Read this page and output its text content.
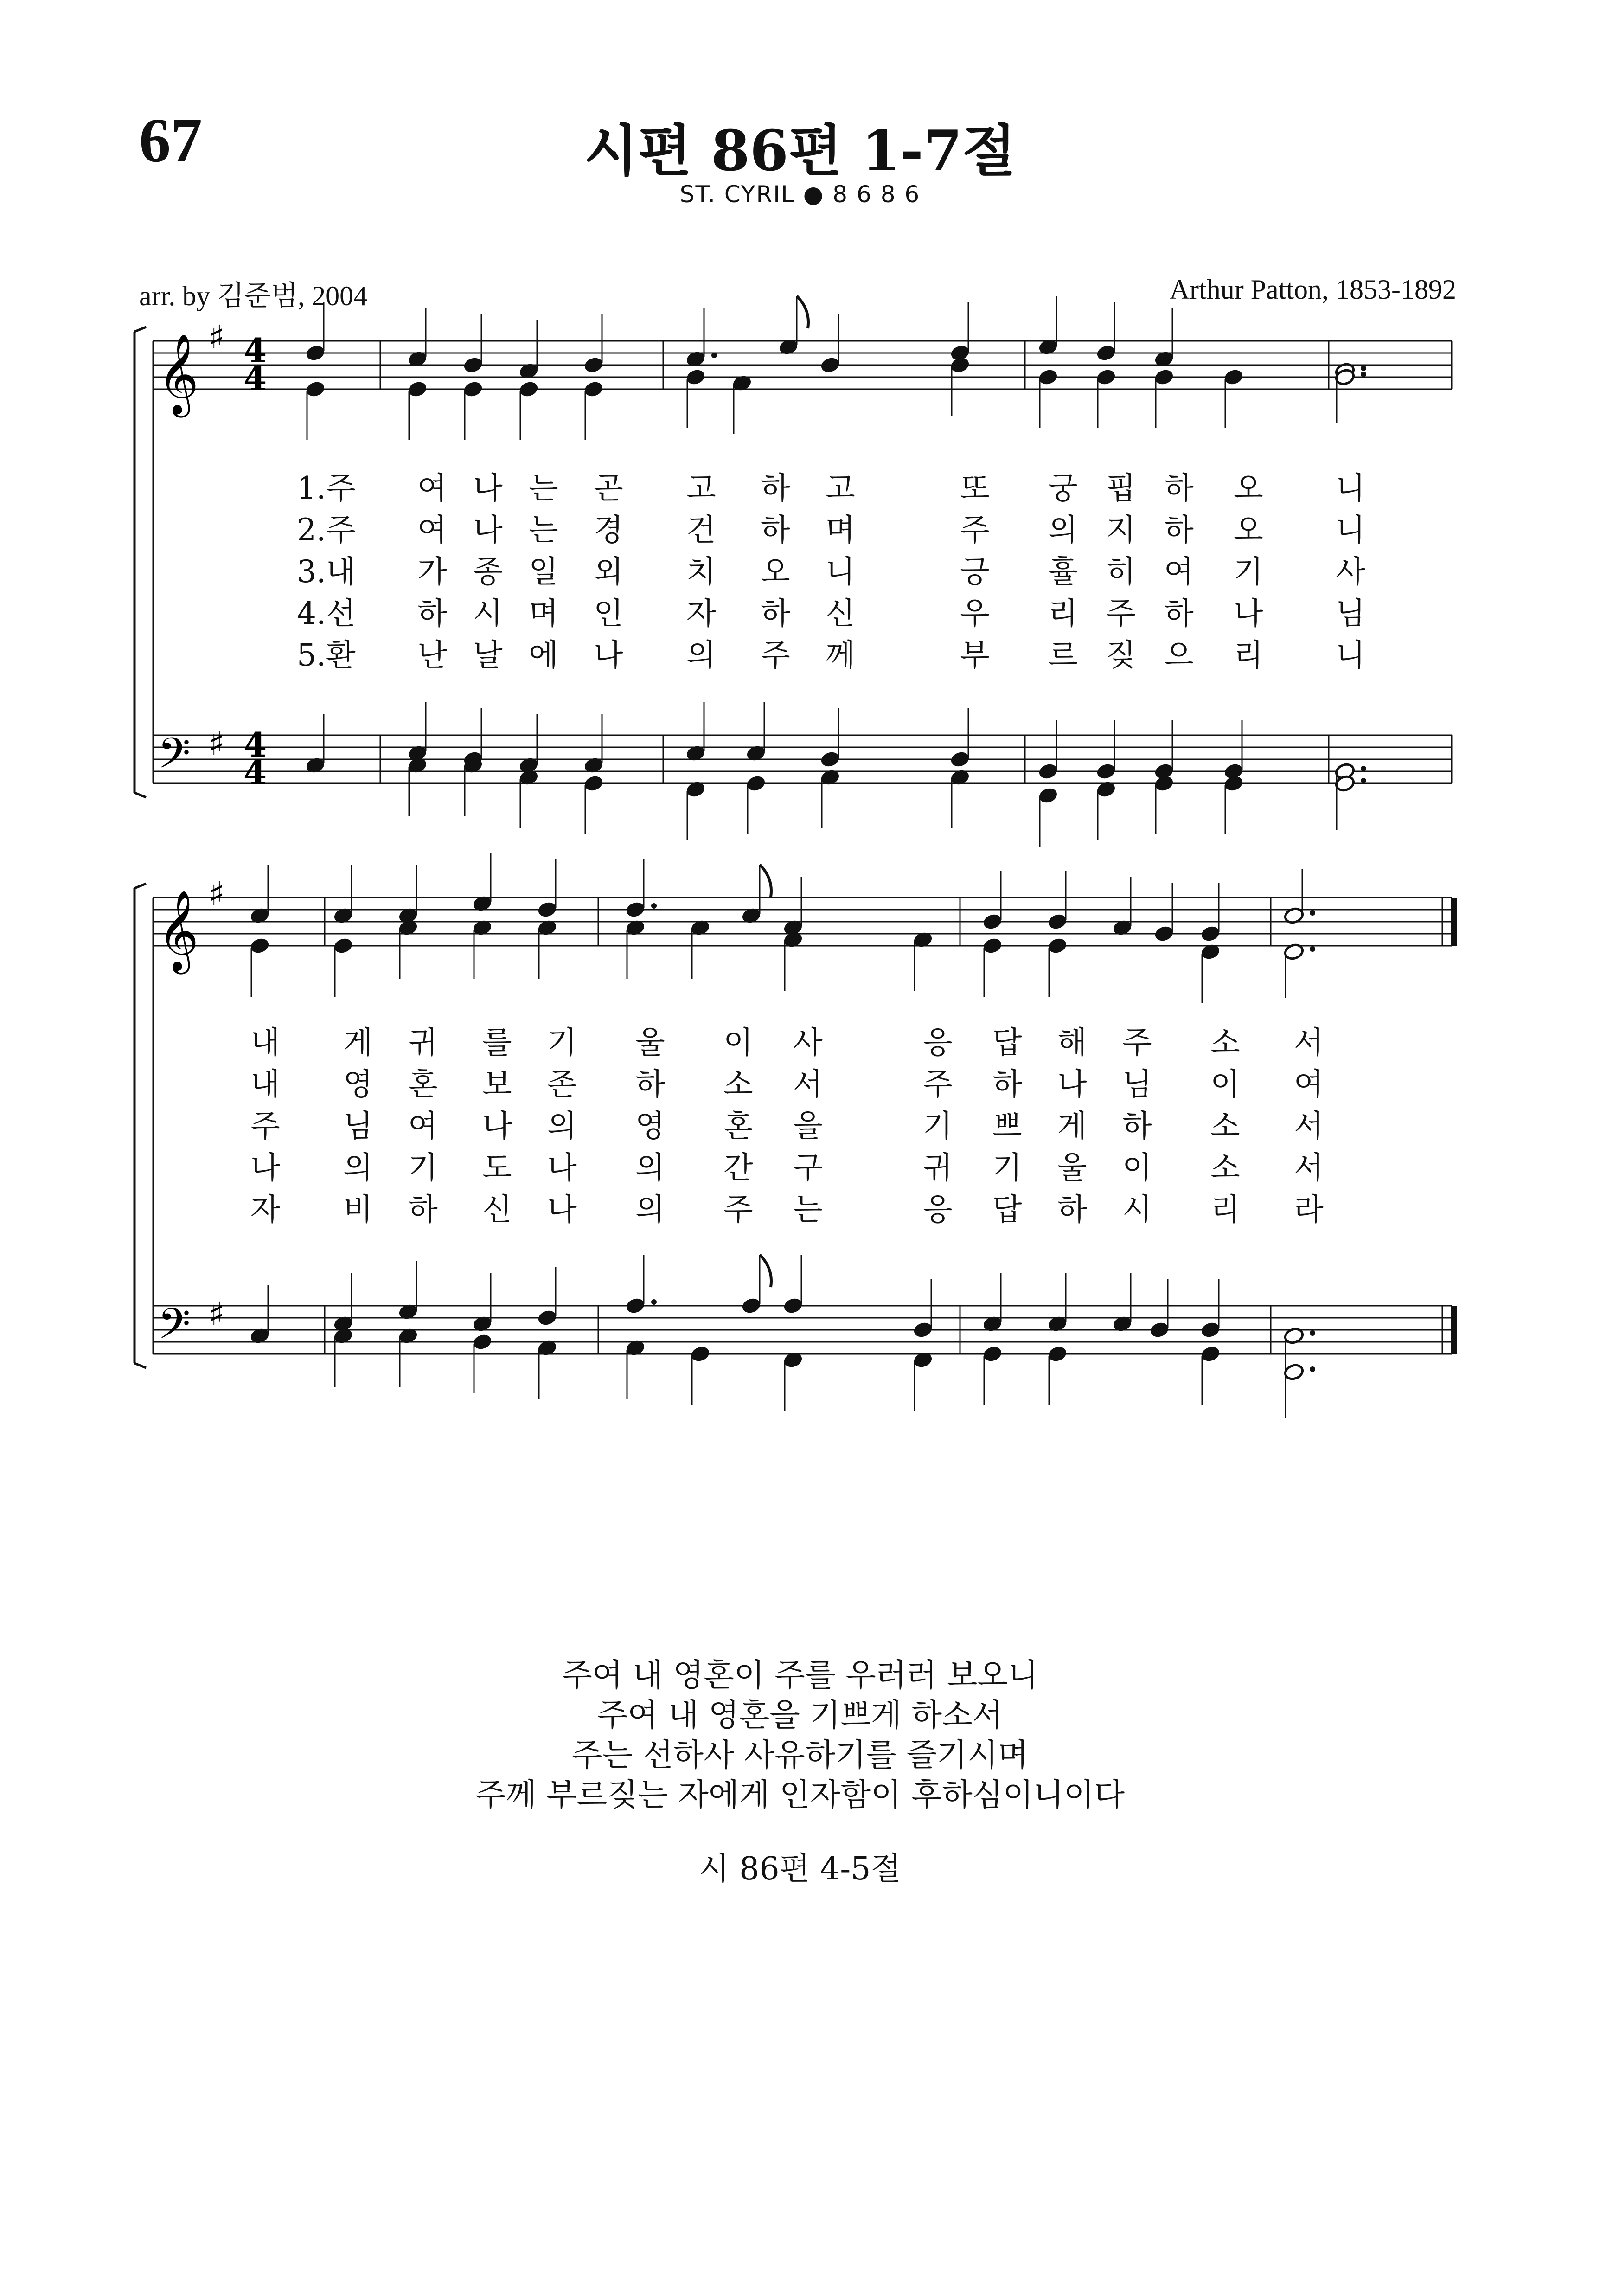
67	시편 86편 1-7절
ST. CYRIL ● 8 6 8 6
arr. by 김준범, 2004	Arthur Patton, 1853-1892
𝄞
𝄢
♯
♯
4
4
4
4
𝄞
𝄢
♯
♯
1.주 여 나 는 곤 고 하 고	또 궁 핍 하 오 니
2.주 여 나 는 경 건 하 며	주 의 지 하 오 니
3.내 가 종 일 외 치 오 니	긍 휼 히 여 기 사
4.선 하 시 며 인 자 하 신	우 리 주 하 나 님
5.환 난 날 에 나 의 주 께	부 르 짖 으 리 니
내 게 귀 를 기 울 이 사	응 답 해 주 소 서
내 영 혼 보 존 하 소 서	주 하 나 님 이 여
주 님 여 나 의 영 혼 을	기 쁘 게 하 소 서
나 의 기 도 나 의 간 구	귀 기 울 이 소 서
자 비 하 신 나 의 주 는	응 답 하 시 리 라
주여 내 영혼이 주를 우러러 보오니
주여 내 영혼을 기쁘게 하소서
주는 선하사 사유하기를 즐기시며
주께 부르짖는 자에게 인자함이 후하심이니이다
시 86편 4-5절
